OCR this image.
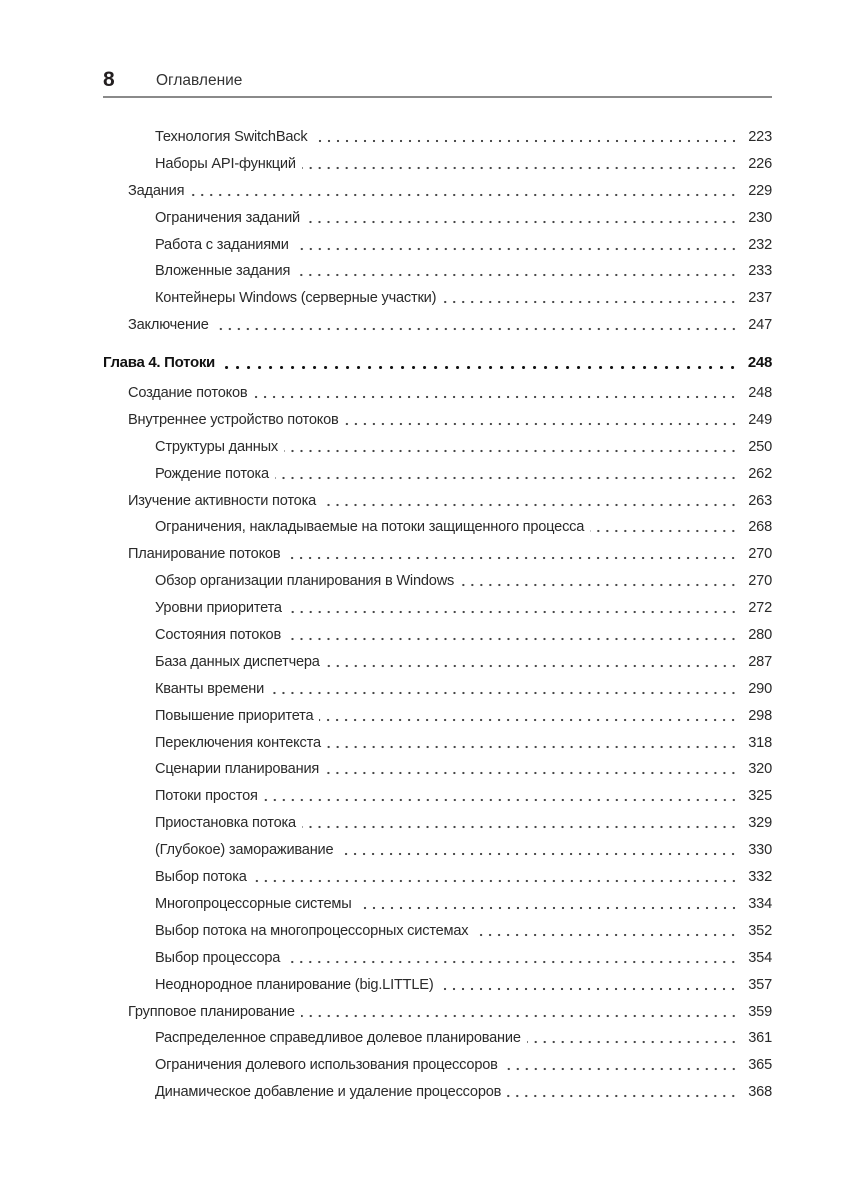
8	Оглавление
Технология SwitchBack	223
Наборы API-функций	226
Задания	229
Ограничения заданий	230
Работа с заданиями	232
Вложенные задания	233
Контейнеры Windows (серверные участки)	237
Заключение	247
Глава 4. Потоки	248
Создание потоков	248
Внутреннее устройство потоков	249
Структуры данных	250
Рождение потока	262
Изучение активности потока	263
Ограничения, накладываемые на потоки защищенного процесса	268
Планирование потоков	270
Обзор организации планирования в Windows	270
Уровни приоритета	272
Состояния потоков	280
База данных диспетчера	287
Кванты времени	290
Повышение приоритета	298
Переключения контекста	318
Сценарии планирования	320
Потоки простоя	325
Приостановка потока	329
(Глубокое) замораживание	330
Выбор потока	332
Многопроцессорные системы	334
Выбор потока на многопроцессорных системах	352
Выбор процессора	354
Неоднородное планирование (big.LITTLE)	357
Групповое планирование	359
Распределенное справедливое долевое планирование	361
Ограничения долевого использования процессоров	365
Динамическое добавление и удаление процессоров	368
